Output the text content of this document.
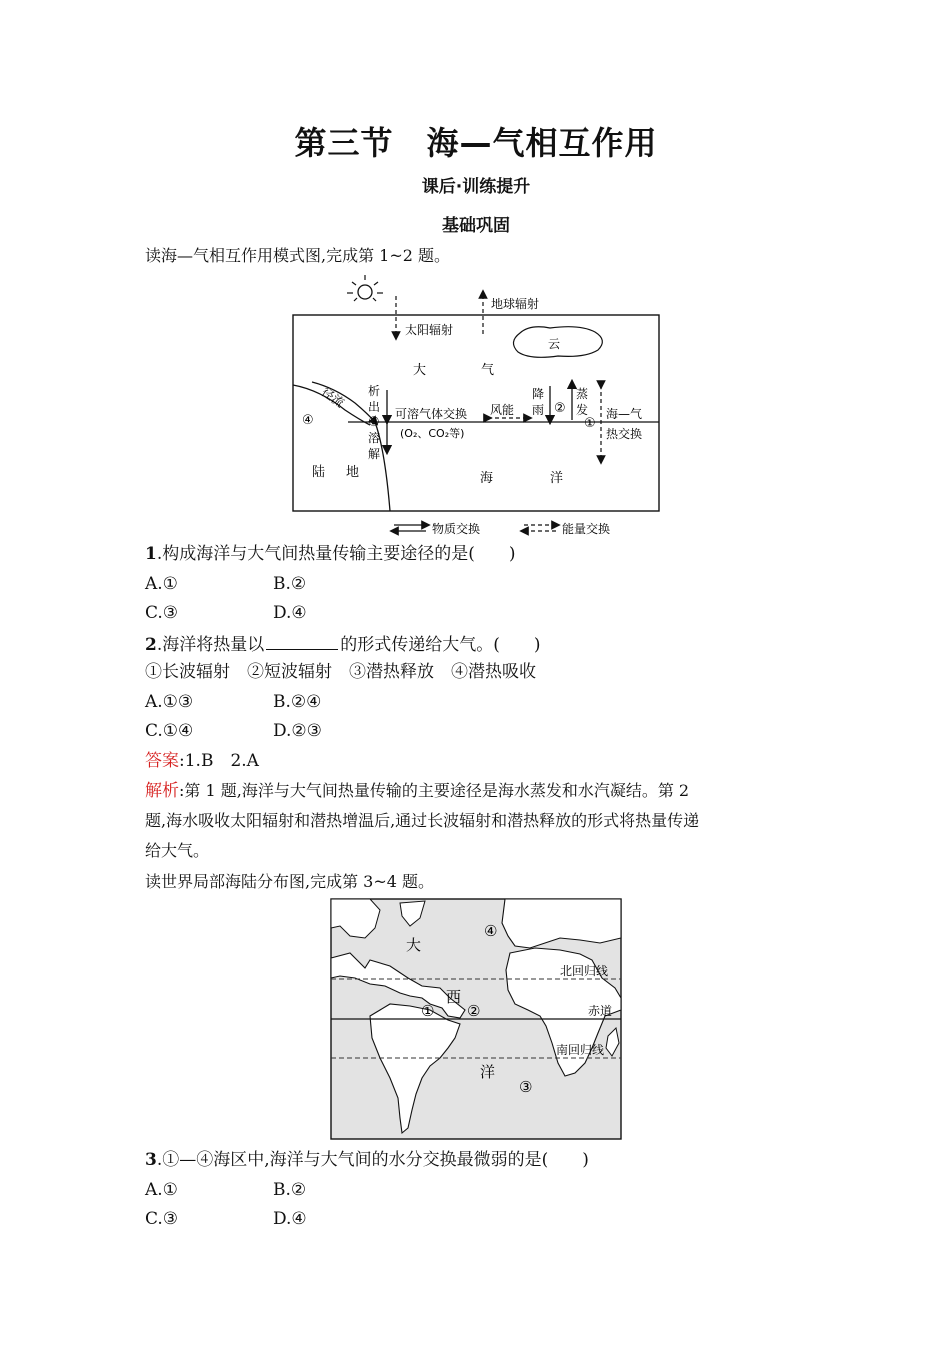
第三节　海—气相互作用
课后·训练提升
基础巩固
读海—气相互作用模式图,完成第 1~2 题。
太阳辐射
地球辐射
云
大	气
径流
④
析
出
③
溶
解
可溶气体交换
(O₂、CO₂等)
风能
降
雨 ②
蒸
发
①
海—气
热交换
陆 地	海	洋
物质交换	能量交换
1.构成海洋与大气间热量传输主要途径的是(　　)
A.①	B.②
C.③	D.④
2.海洋将热量以	的形式传递给大气。(　　)
①长波辐射　②短波辐射　③潜热释放　④潜热吸收
A.①③	B.②④
C.①④	D.②③
答案:1.B　2.A
解析:第 1 题,海洋与大气间热量传输的主要途径是海水蒸发和水汽凝结。第 2
题,海水吸收太阳辐射和潜热增温后,通过长波辐射和潜热释放的形式将热量传递
给大气。
读世界局部海陆分布图,完成第 3~4 题。
北回归线
赤道
南回归线
大
西
洋
④
① ②
③
3.①—④海区中,海洋与大气间的水分交换最微弱的是(　　)
A.①	B.②
C.③	D.④
